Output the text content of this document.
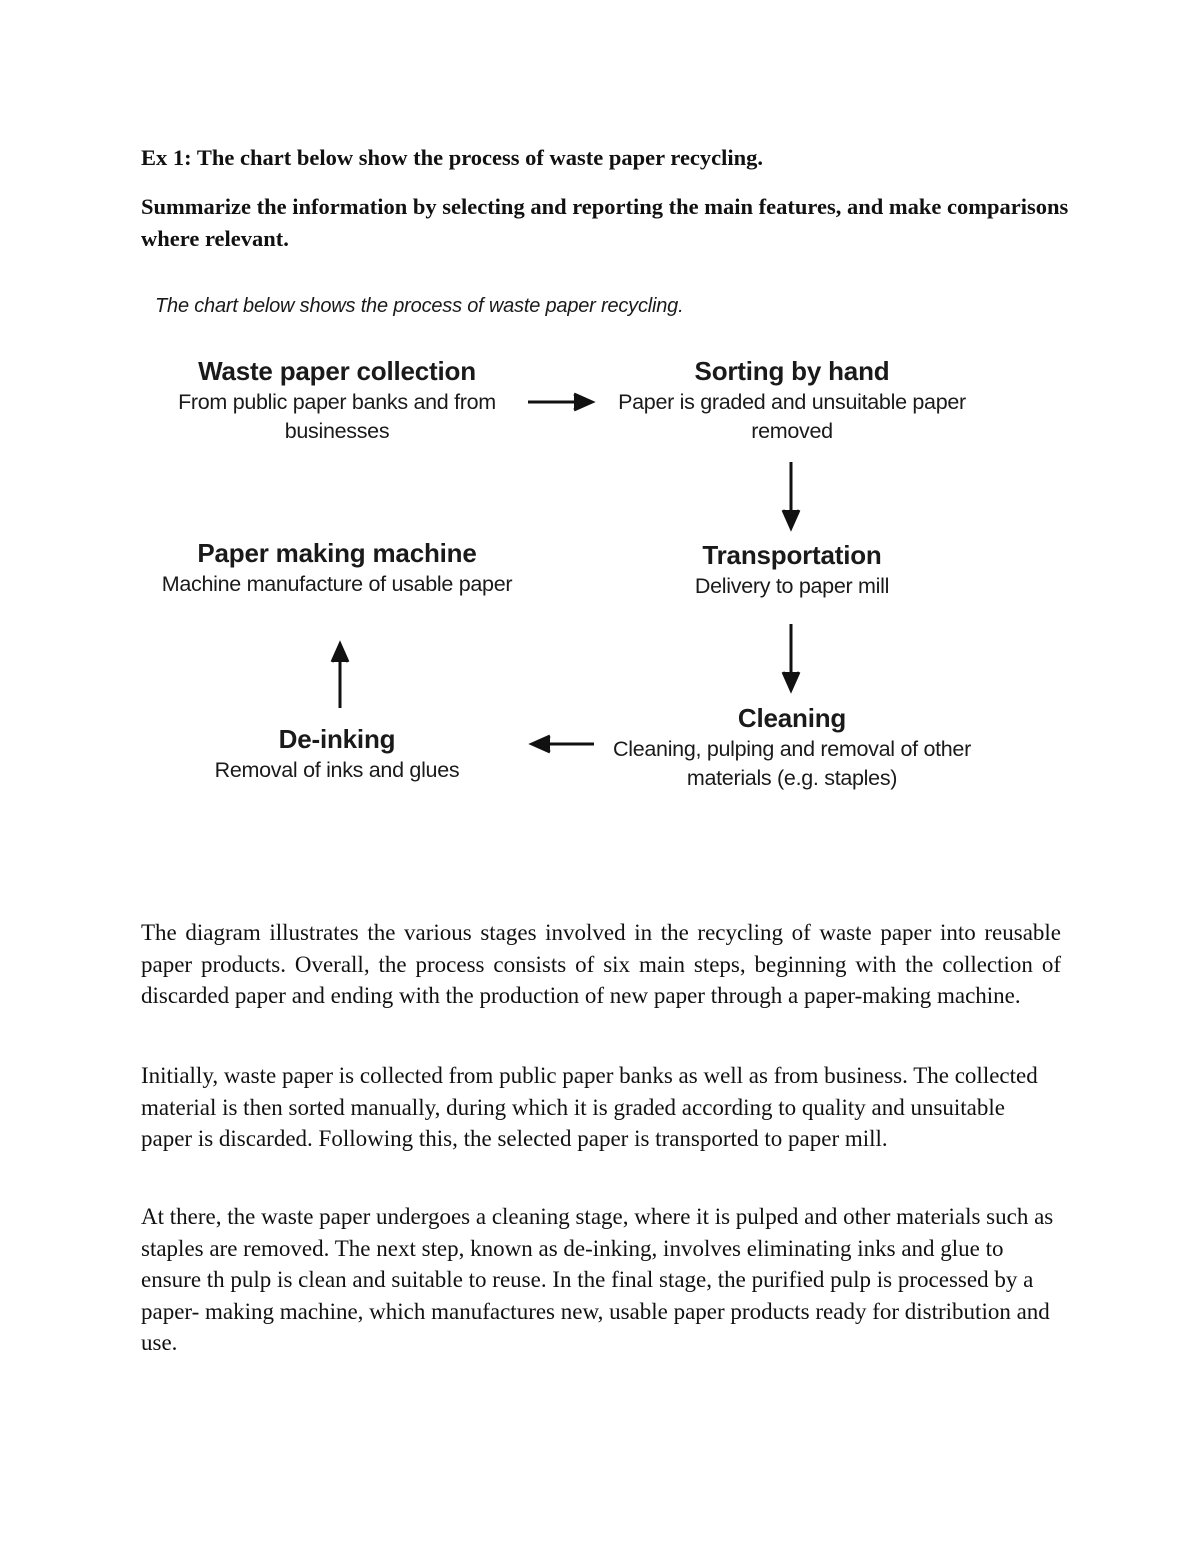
Ex 1: The chart below show the process of waste paper recycling.
Summarize the information by selecting and reporting the main features, and make comparisons where relevant.
The chart below shows the process of waste paper recycling.
Waste paper collection
From public paper banks and from businesses
Sorting by hand
Paper is graded and unsuitable paper removed
Transportation
Delivery to paper mill
Cleaning
Cleaning, pulping and removal of other materials (e.g. staples)
De-inking
Removal of inks and glues
Paper making machine
Machine manufacture of usable paper

The diagram illustrates the various stages involved in the recycling of waste paper into reusable paper products. Overall, the process consists of six main steps, beginning with the collection of discarded paper and ending with the production of new paper through a paper-making machine.

Initially, waste paper is collected from public paper banks as well as from business. The collected material is then sorted manually, during which it is graded according to quality and unsuitable paper is discarded. Following this, the selected paper is transported to paper mill.

At there, the waste paper undergoes a cleaning stage, where it is pulped and other materials such as staples are removed. The next step, known as de-inking, involves eliminating inks and glue to ensure th pulp is clean and suitable to reuse. In the final stage, the purified pulp is processed by a paper- making machine, which manufactures new, usable paper products ready for distribution and use.
